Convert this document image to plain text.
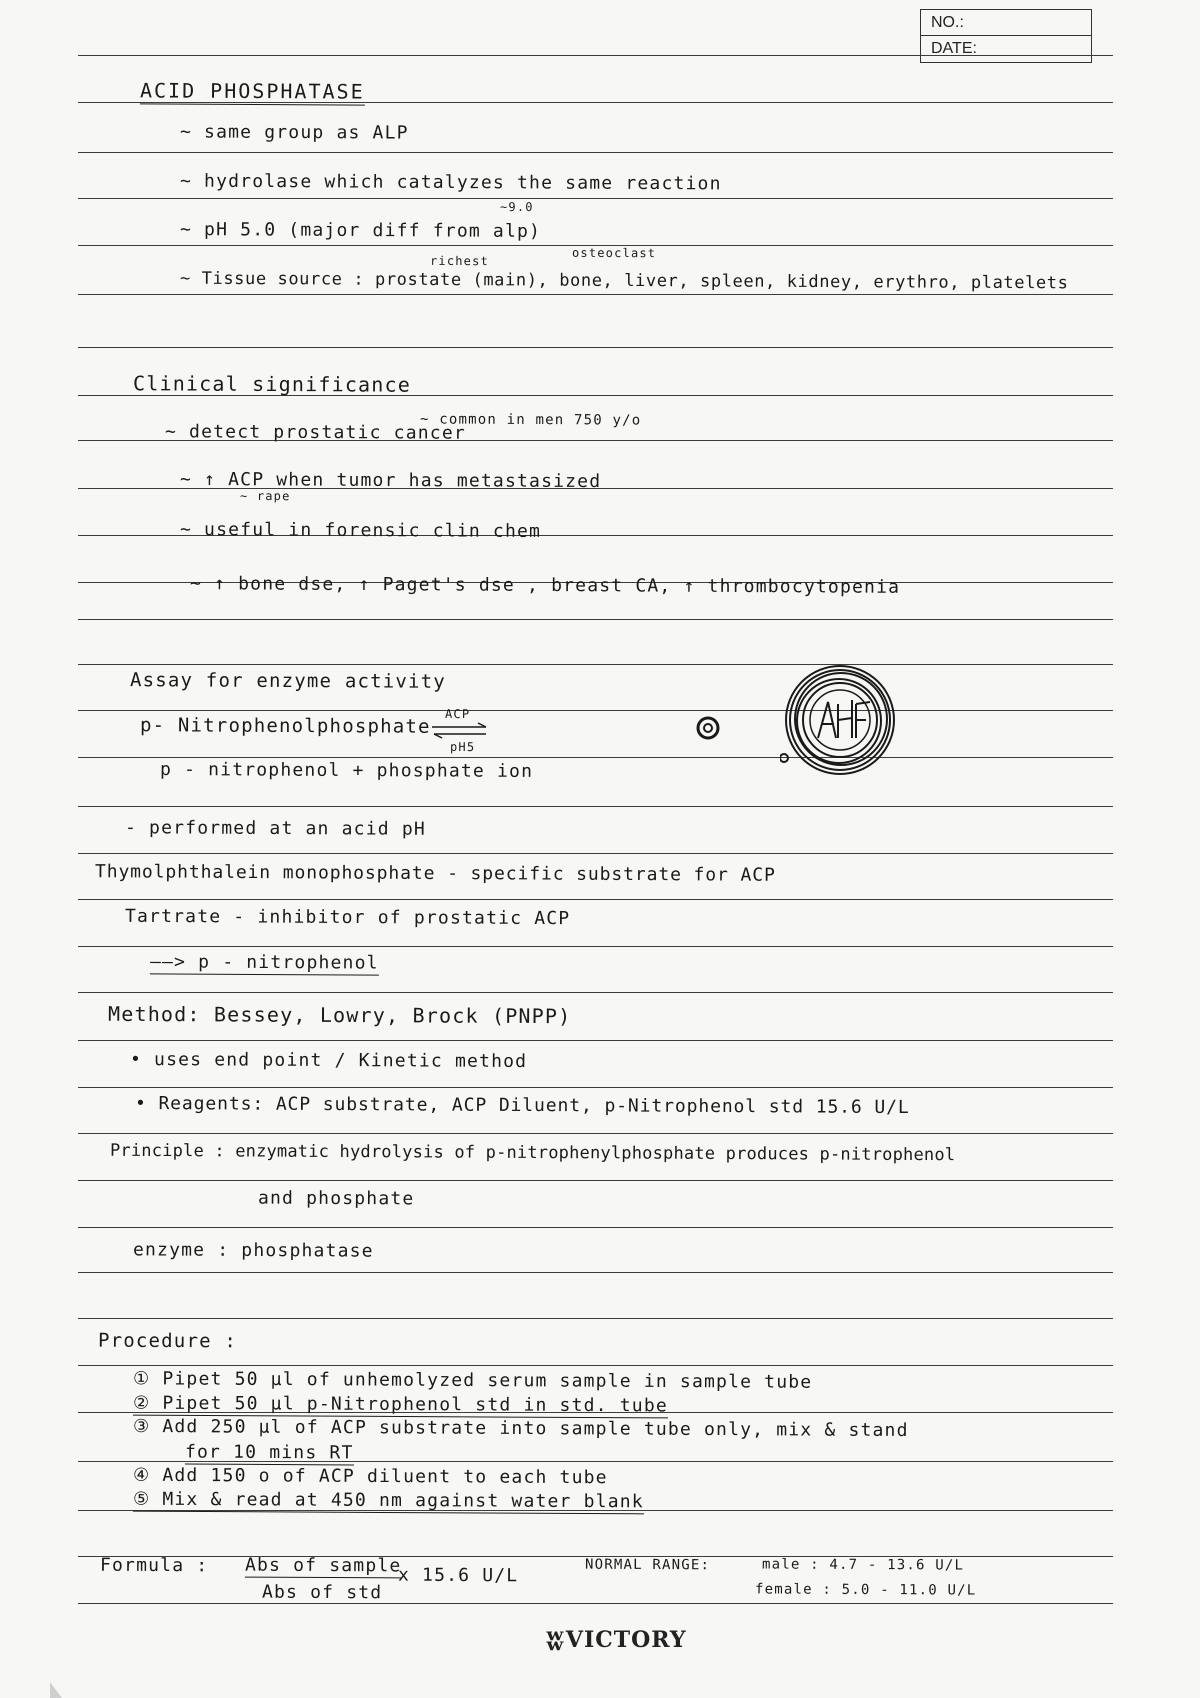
NO.:
DATE:
ACID PHOSPHATASE
~ same group as ALP
~ hydrolase which catalyzes the same reaction
~9.0
~ pH 5.0 (major diff from alp)
richest
osteoclast
~ Tissue source : prostate (main), bone, liver, spleen, kidney, erythro, platelets
Clinical significance
~ common in men 750 y/o
~ detect prostatic cancer
~ ↑ ACP when tumor has metastasized
~ rape
~ useful in forensic clin chem
~ ↑ bone dse, ↑ Paget's dse , breast CA, ↑ thrombocytopenia
Assay for enzyme activity
p- Nitrophenolphosphate
ACP
pH5
p - nitrophenol + phosphate ion
- performed at an acid pH
Thymolphthalein monophosphate - specific substrate for ACP
Tartrate - inhibitor of prostatic ACP
——> p - nitrophenol
Method: Bessey, Lowry, Brock (PNPP)
• uses end point / Kinetic method
• Reagents: ACP substrate, ACP Diluent, p-Nitrophenol std 15.6 U/L
Principle : enzymatic hydrolysis of p-nitrophenylphosphate produces p-nitrophenol
and phosphate
enzyme : phosphatase
Procedure :
① Pipet 50 µl of unhemolyzed serum sample in sample tube
② Pipet 50 µl p-Nitrophenol std in std. tube
③ Add 250 µl of ACP substrate into sample tube only, mix & stand
for 10 mins RT
④ Add 150 o of ACP diluent to each tube
⑤ Mix & read at 450 nm against water blank
Formula : Abs of sample
Abs of std
x 15.6 U/L	NORMAL RANGE:	male : 4.7 - 13.6 U/L
female : 5.0 - 11.0 U/L
ʬVICTORY
